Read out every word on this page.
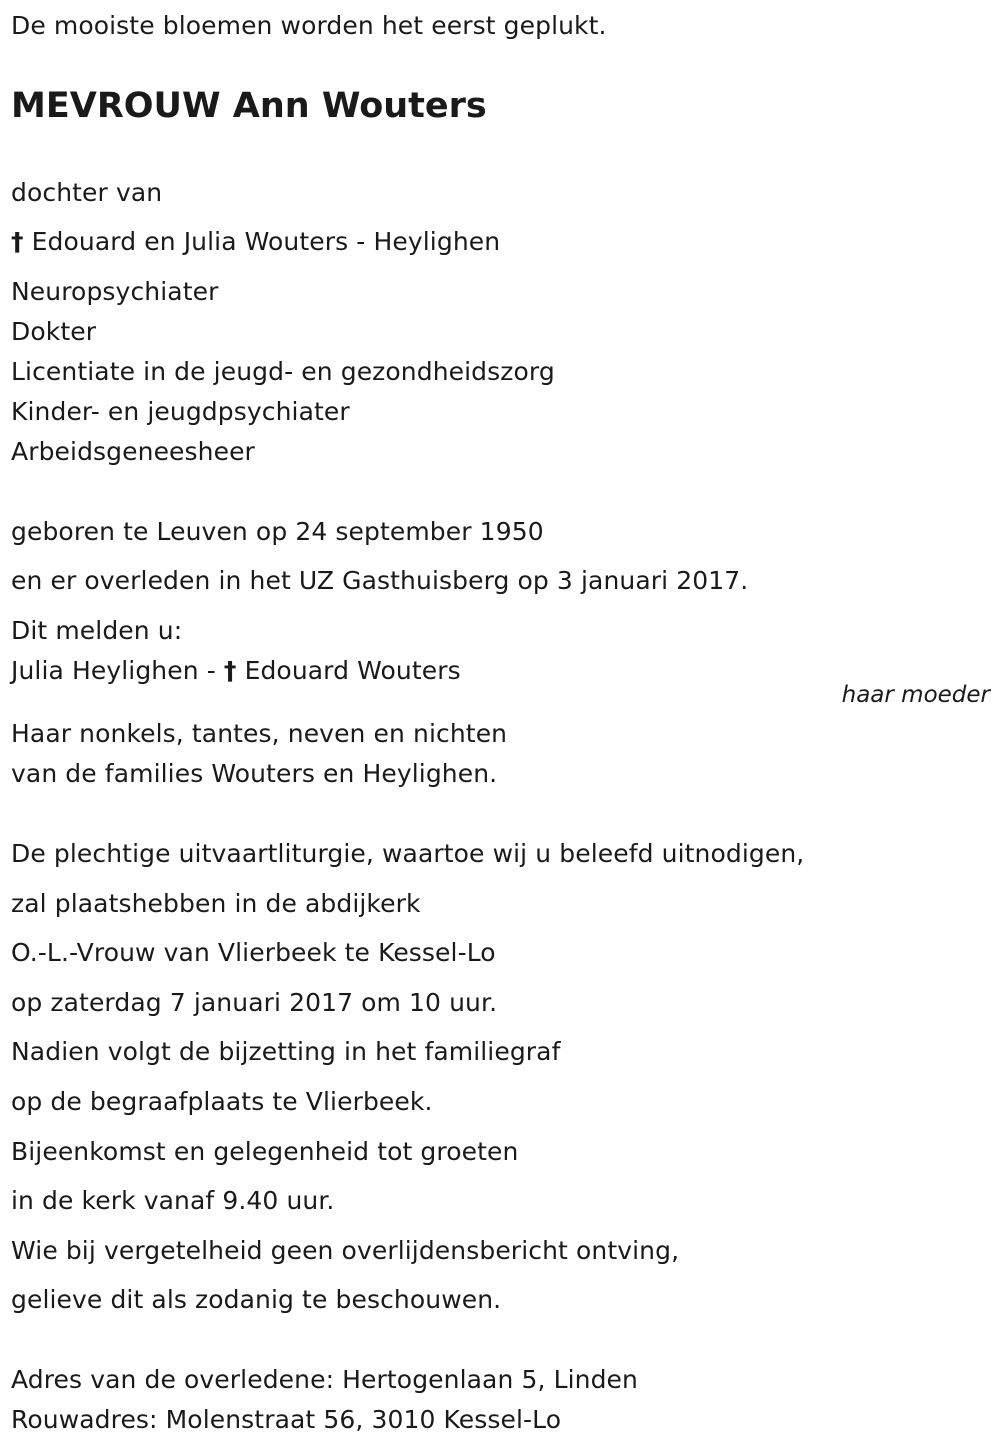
De mooiste bloemen worden het eerst geplukt.
MEVROUW Ann Wouters
dochter van
† Edouard en Julia Wouters - Heylighen
Neuropsychiater
Dokter
Licentiate in de jeugd- en gezondheidszorg
Kinder- en jeugdpsychiater
Arbeidsgeneesheer
geboren te Leuven op 24 september 1950
en er overleden in het UZ Gasthuisberg op 3 januari 2017.
Dit melden u:
Julia Heylighen - † Edouard Wouters
haar moeder
Haar nonkels, tantes, neven en nichten
van de families Wouters en Heylighen.
De plechtige uitvaartliturgie, waartoe wij u beleefd uitnodigen,
zal plaatshebben in de abdijkerk
O.-L.-Vrouw van Vlierbeek te Kessel-Lo
op zaterdag 7 januari 2017 om 10 uur.
Nadien volgt de bijzetting in het familiegraf
op de begraafplaats te Vlierbeek.
Bijeenkomst en gelegenheid tot groeten
in de kerk vanaf 9.40 uur.
Wie bij vergetelheid geen overlijdensbericht ontving,
gelieve dit als zodanig te beschouwen.
Adres van de overledene: Hertogenlaan 5, Linden
Rouwadres: Molenstraat 56, 3010 Kessel-Lo
